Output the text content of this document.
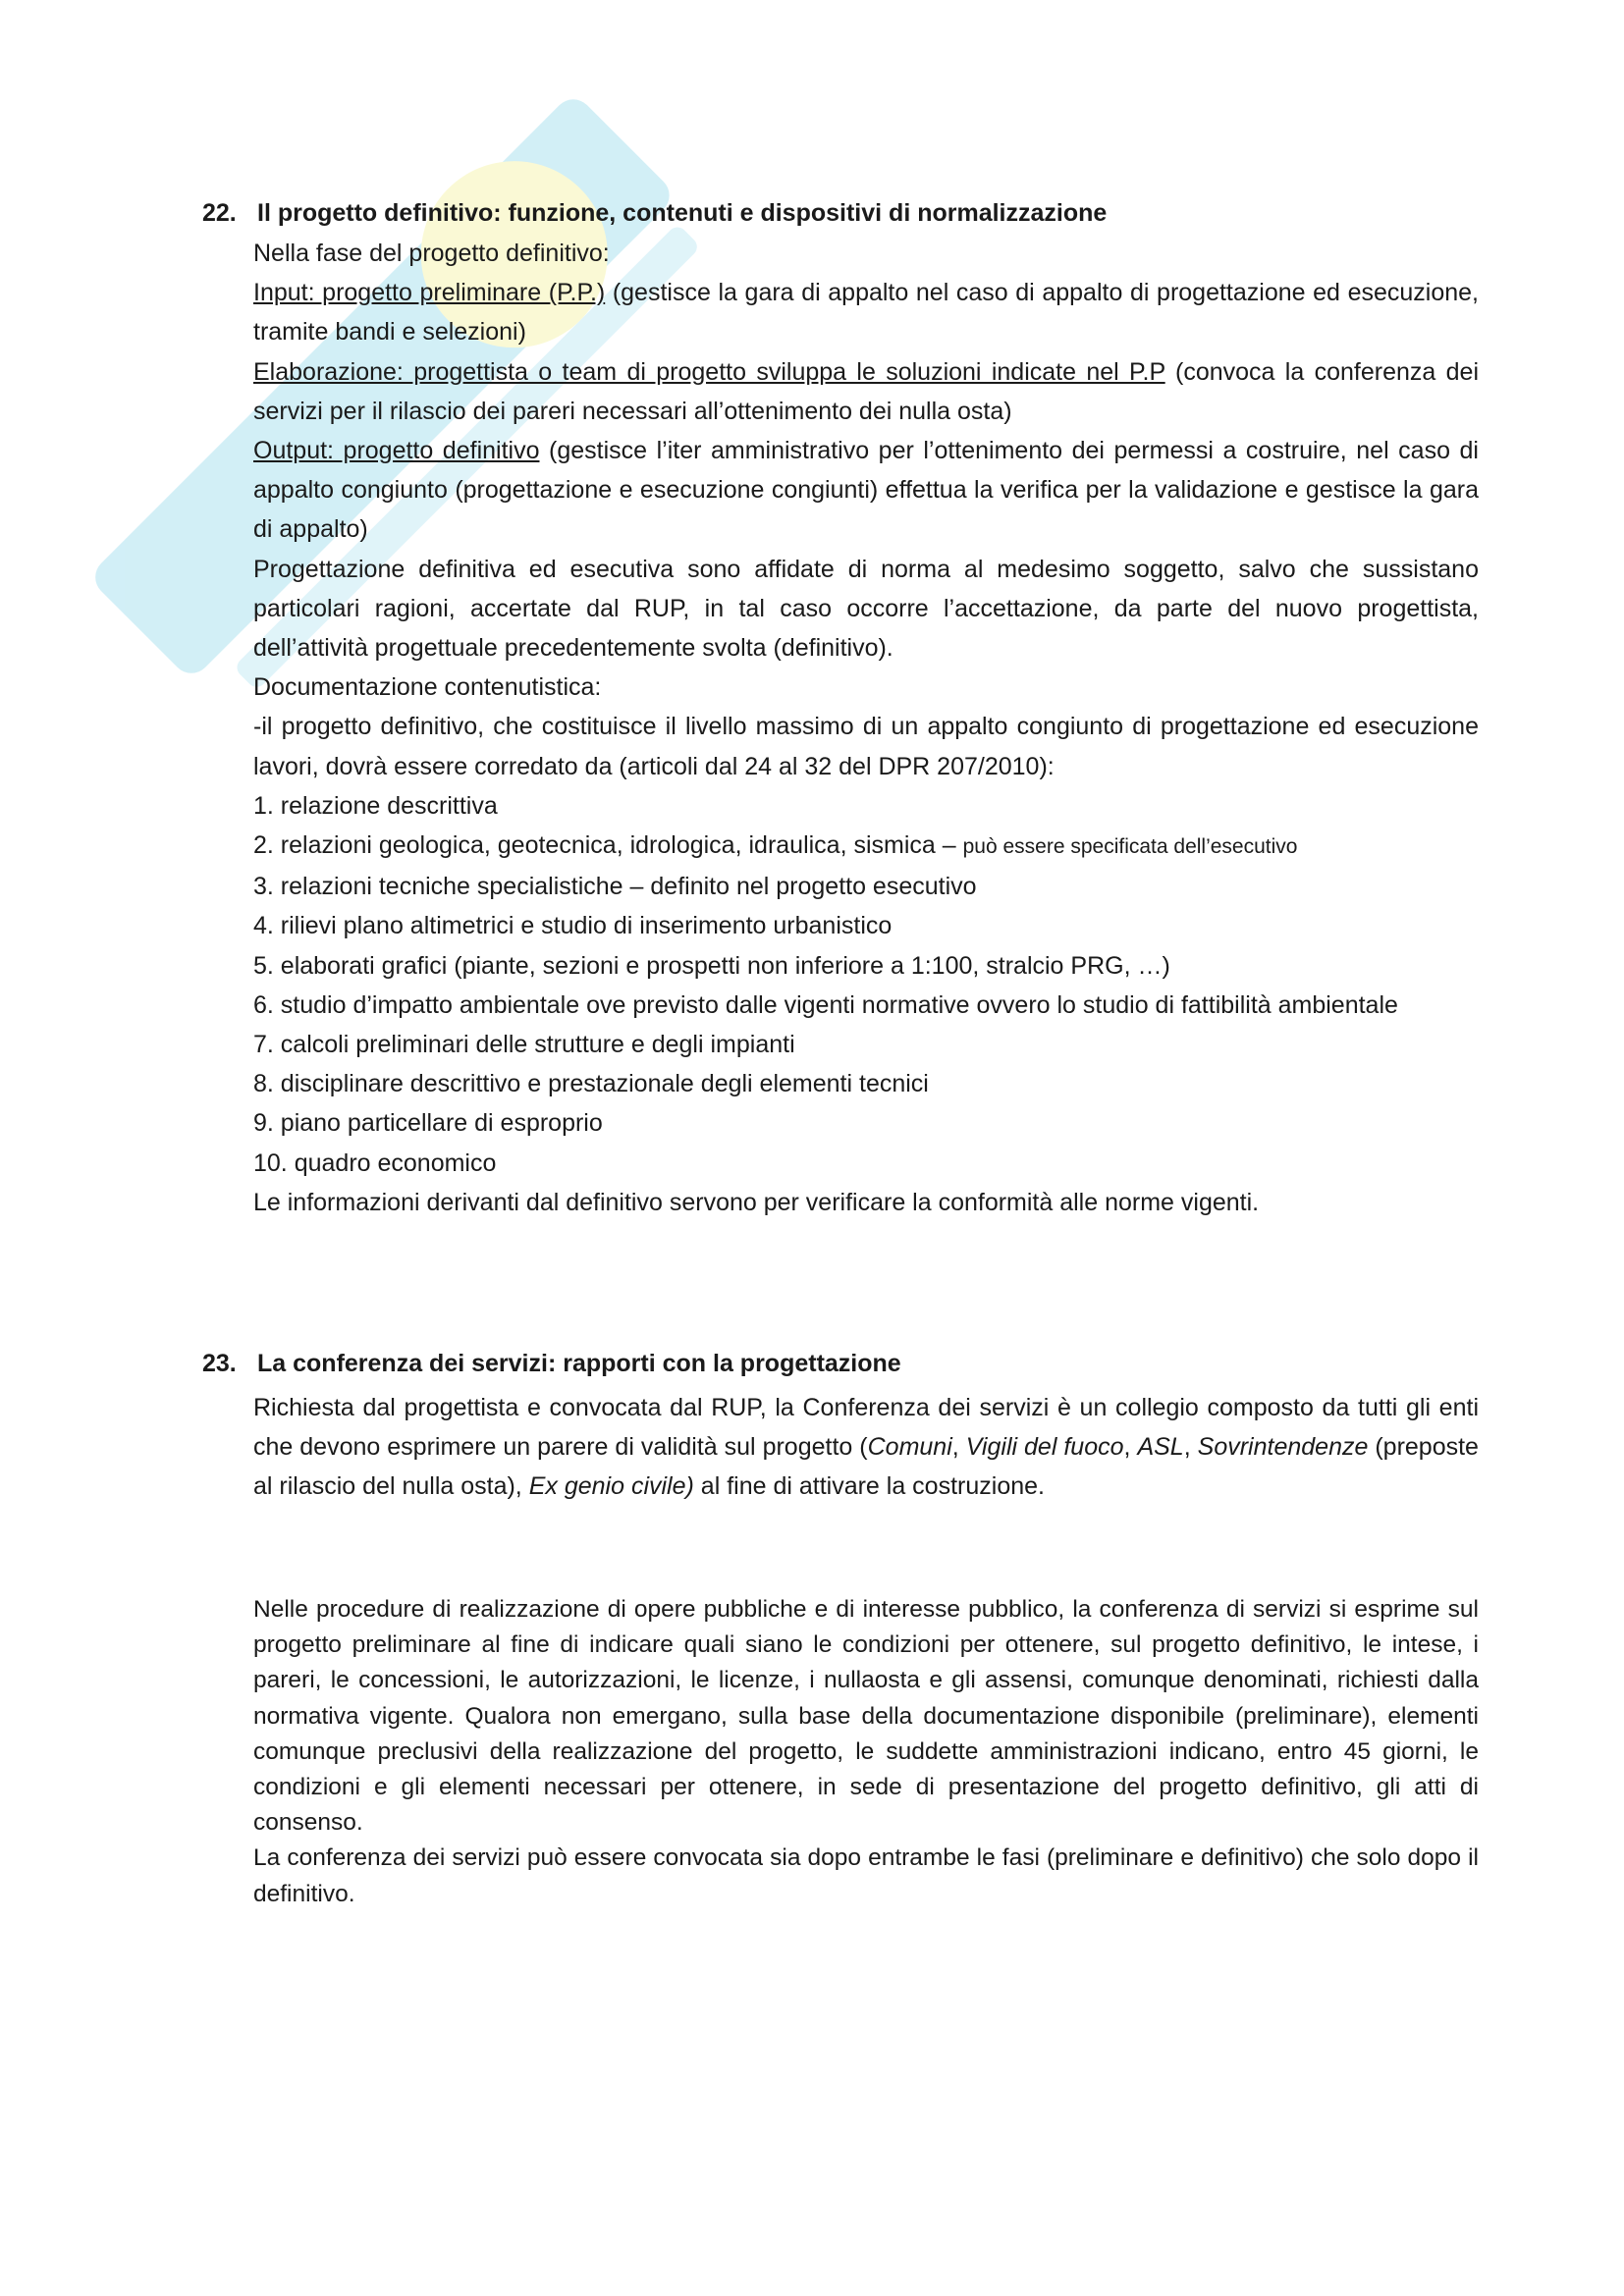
22. Il progetto definitivo: funzione, contenuti e dispositivi di normalizzazione

Nella fase del progetto definitivo:

Input: progetto preliminare (P.P.) (gestisce la gara di appalto nel caso di appalto di progettazione ed esecuzione, tramite bandi e selezioni)

Elaborazione: progettista o team di progetto sviluppa le soluzioni indicate nel P.P (convoca la conferenza dei servizi per il rilascio dei pareri necessari all’ottenimento dei nulla osta)

Output: progetto definitivo (gestisce l’iter amministrativo per l’ottenimento dei permessi a costruire, nel caso di appalto congiunto (progettazione e esecuzione congiunti) effettua la verifica per la validazione e gestisce la gara di appalto)

Progettazione definitiva ed esecutiva sono affidate di norma al medesimo soggetto, salvo che sussistano particolari ragioni, accertate dal RUP, in tal caso occorre l’accettazione, da parte del nuovo progettista, dell’attività progettuale precedentemente svolta (definitivo).

Documentazione contenutistica:

-il progetto definitivo, che costituisce il livello massimo di un appalto congiunto di progettazione ed esecuzione lavori, dovrà essere corredato da (articoli dal 24 al 32 del DPR 207/2010):

1. relazione descrittiva

2. relazioni geologica, geotecnica, idrologica, idraulica, sismica – può essere specificata dell’esecutivo

3. relazioni tecniche specialistiche – definito nel progetto esecutivo

4. rilievi plano altimetrici e studio di inserimento urbanistico

5. elaborati grafici (piante, sezioni e prospetti non inferiore a 1:100, stralcio PRG, …)

6. studio d’impatto ambientale ove previsto dalle vigenti normative ovvero lo studio di fattibilità ambientale

7. calcoli preliminari delle strutture e degli impianti

8. disciplinare descrittivo e prestazionale degli elementi tecnici

9. piano particellare di esproprio

10. quadro economico

Le informazioni derivanti dal definitivo servono per verificare la conformità alle norme vigenti.

23. La conferenza dei servizi: rapporti con la progettazione

Richiesta dal progettista e convocata dal RUP, la Conferenza dei servizi è un collegio composto da tutti gli enti che devono esprimere un parere di validità sul progetto (Comuni, Vigili del fuoco, ASL, Sovrintendenze (preposte al rilascio del nulla osta), Ex genio civile) al fine di attivare la costruzione.

Nelle procedure di realizzazione di opere pubbliche e di interesse pubblico, la conferenza di servizi si esprime sul progetto preliminare al fine di indicare quali siano le condizioni per ottenere, sul progetto definitivo, le intese, i pareri, le concessioni, le autorizzazioni, le licenze, i nullaosta e gli assensi, comunque denominati, richiesti dalla normativa vigente. Qualora non emergano, sulla base della documentazione disponibile (preliminare), elementi comunque preclusivi della realizzazione del progetto, le suddette amministrazioni indicano, entro 45 giorni, le condizioni e gli elementi necessari per ottenere, in sede di presentazione del progetto definitivo, gli atti di consenso.

La conferenza dei servizi può essere convocata sia dopo entrambe le fasi (preliminare e definitivo) che solo dopo il definitivo.
